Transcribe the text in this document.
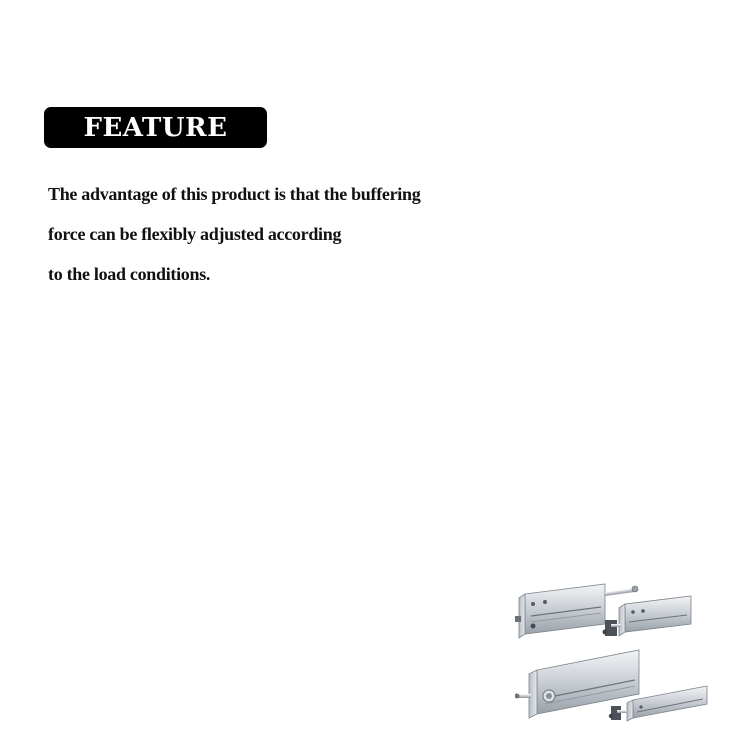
FEATURE
The advantage of this product is that the buffering
force can be flexibly adjusted according
to the load conditions.
